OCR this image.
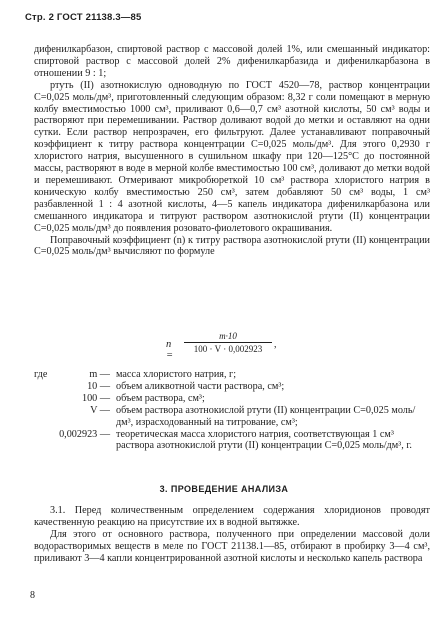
Стр. 2 ГОСТ 21138.3—85

дифенилкарбазон, спиртовой раствор с массовой долей 1%, или смешанный индикатор: спиртовой раствор с массовой долей 2% дифенилкарбазида и дифенилкарбазона в отношении 9 : 1;

ртуть (II) азотнокислую одноводную по ГОСТ 4520—78, раствор концентрации C=0,025 моль/дм³, приготовленный следующим образом: 8,32 г соли помещают в мерную колбу вместимостью 1000 см³, приливают 0,6—0,7 см³ азотной кислоты, 50 см³ воды и растворяют при перемешивании. Раствор доливают водой до метки и оставляют на одни сутки. Если раствор непрозрачен, его фильтруют. Далее устанавливают поправочный коэффициент к титру раствора концентрации C=0,025 моль/дм³. Для этого 0,2930 г хлористого натрия, высушенного в сушильном шкафу при 120—125°С до постоянной массы, растворяют в воде в мерной колбе вместимостью 100 см³, доливают до метки водой и перемешивают. Отмеривают микробюреткой 10 см³ раствора хлористого натрия в коническую колбу вместимостью 250 см³, затем добавляют 50 см³ воды, 1 см³ разбавленной 1 : 4 азотной кислоты, 4—5 капель индикатора дифенилкарбазона или смешанного индикатора и титруют раствором азотнокислой ртути (II) концентрации C=0,025 моль/дм³ до появления розовато-фиолетового окрашивания.

Поправочный коэффициент (n) к титру раствора азотнокислой ртути (II) концентрации C=0,025 моль/дм³ вычисляют по формуле

n =
$\frac{m\cdot 10}{100 \cdot V \cdot 0,002923}$ ,
где	m — масса хлористого натрия, г;
10 — объем аликвотной части раствора, см³;
100 — объем раствора, см³;
V — объем раствора азотнокислой ртути (II) концентрации C=0,025 моль/дм³, израсходованный на титрование, см³;
0,002923 — теоретическая масса хлористого натрия, соответствующая 1 см³ раствора азотнокислой ртути (II) концентрации C=0,025 моль/дм³, г.
3. ПРОВЕДЕНИЕ АНАЛИЗА

3.1. Перед количественным определением содержания хлоридионов проводят качественную реакцию на присутствие их в водной вытяжке.

Для этого от основного раствора, полученного при определении массовой доли водорастворимых веществ в меле по ГОСТ 21138.1—85, отбирают в пробирку 3—4 см³, приливают 3—4 капли концентрированной азотной кислоты и несколько капель раствора

8
